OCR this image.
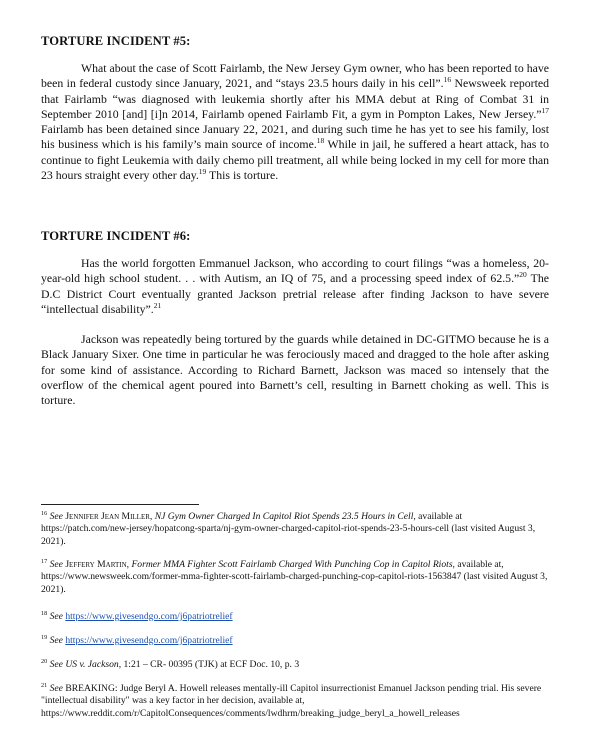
TORTURE INCIDENT #5:
What about the case of Scott Fairlamb, the New Jersey Gym owner, who has been reported to have been in federal custody since January, 2021, and “stays 23.5 hours daily in his cell”.$^{16}$ Newsweek reported that Fairlamb “was diagnosed with leukemia shortly after his MMA debut at Ring of Combat 31 in September 2010 [and] [i]n 2014, Fairlamb opened Fairlamb Fit, a gym in Pompton Lakes, New Jersey.”$^{17}$ Fairlamb has been detained since January 22, 2021, and during such time he has yet to see his family, lost his business which is his family’s main source of income.$^{18}$ While in jail, he suffered a heart attack, has to continue to fight Leukemia with daily chemo pill treatment, all while being locked in my cell for more than 23 hours straight every other day.$^{19}$ This is torture.
TORTURE INCIDENT #6:
Has the world forgotten Emmanuel Jackson, who according to court filings “was a homeless, 20-year-old high school student. . . with Autism, an IQ of 75, and a processing speed index of 62.5.”$^{20}$ The D.C District Court eventually granted Jackson pretrial release after finding Jackson to have severe “intellectual disability”.$^{21}$
Jackson was repeatedly being tortured by the guards while detained in DC-GITMO because he is a Black January Sixer. One time in particular he was ferociously maced and dragged to the hole after asking for some kind of assistance. According to Richard Barnett, Jackson was maced so intensely that the overflow of the chemical agent poured into Barnett’s cell, resulting in Barnett choking as well. This is torture.
$^{16}$ See Jennifer Jean Miller, NJ Gym Owner Charged In Capitol Riot Spends 23.5 Hours in Cell, available at https://patch.com/new-jersey/hopatcong-sparta/nj-gym-owner-charged-capitol-riot-spends-23-5-hours-cell (last visited August 3, 2021).
$^{17}$ See Jeffery Martin, Former MMA Fighter Scott Fairlamb Charged With Punching Cop in Capitol Riots, available at, https://www.newsweek.com/former-mma-fighter-scott-fairlamb-charged-punching-cop-capitol-riots-1563847 (last visited August 3, 2021).
$^{18}$ See https://www.givesendgo.com/j6patriotrelief
$^{19}$ See https://www.givesendgo.com/j6patriotrelief
$^{20}$ See US v. Jackson, 1:21 – CR- 00395 (TJK) at ECF Doc. 10, p. 3
$^{21}$ See BREAKING: Judge Beryl A. Howell releases mentally-ill Capitol insurrectionist Emanuel Jackson pending trial. His severe "intellectual disability" was a key factor in her decision, available at, https://www.reddit.com/r/CapitolConsequences/comments/lwdhrm/breaking_judge_beryl_a_howell_releases
